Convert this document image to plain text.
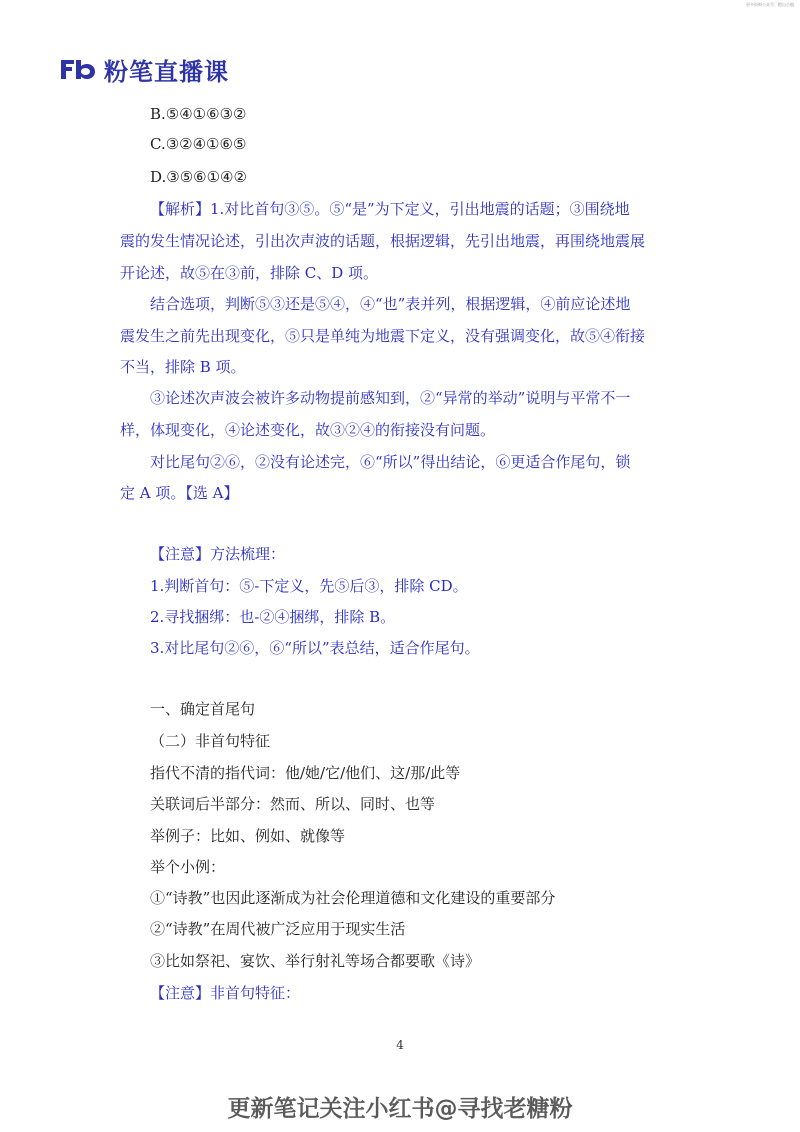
更多资料公众号：橙山小镇
粉笔直播课
B.⑤④①⑥③②
C.③②④①⑥⑤
D.③⑤⑥①④②
【解析】1.对比首句③⑤。⑤“是”为下定义，引出地震的话题；③围绕地
震的发生情况论述，引出次声波的话题，根据逻辑，先引出地震，再围绕地震展
开论述，故⑤在③前，排除 C、D 项。
结合选项，判断⑤③还是⑤④，④“也”表并列，根据逻辑，④前应论述地
震发生之前先出现变化，⑤只是单纯为地震下定义，没有强调变化，故⑤④衔接
不当，排除 B 项。
③论述次声波会被许多动物提前感知到，②“异常的举动”说明与平常不一
样，体现变化，④论述变化，故③②④的衔接没有问题。
对比尾句②⑥，②没有论述完，⑥“所以”得出结论，⑥更适合作尾句，锁
定 A 项。【选 A】
【注意】方法梳理：
1.判断首句：⑤-下定义，先⑤后③，排除 CD。
2.寻找捆绑：也-②④捆绑，排除 B。
3.对比尾句②⑥，⑥“所以”表总结，适合作尾句。
一、确定首尾句
（二）非首句特征
指代不清的指代词：他/她/它/他们、这/那/此等
关联词后半部分：然而、所以、同时、也等
举例子：比如、例如、就像等
举个小例：
①“诗教”也因此逐渐成为社会伦理道德和文化建设的重要部分
②“诗教”在周代被广泛应用于现实生活
③比如祭祀、宴饮、举行射礼等场合都要歌《诗》
【注意】非首句特征：
4
更新笔记关注小红书@寻找老糖粉
